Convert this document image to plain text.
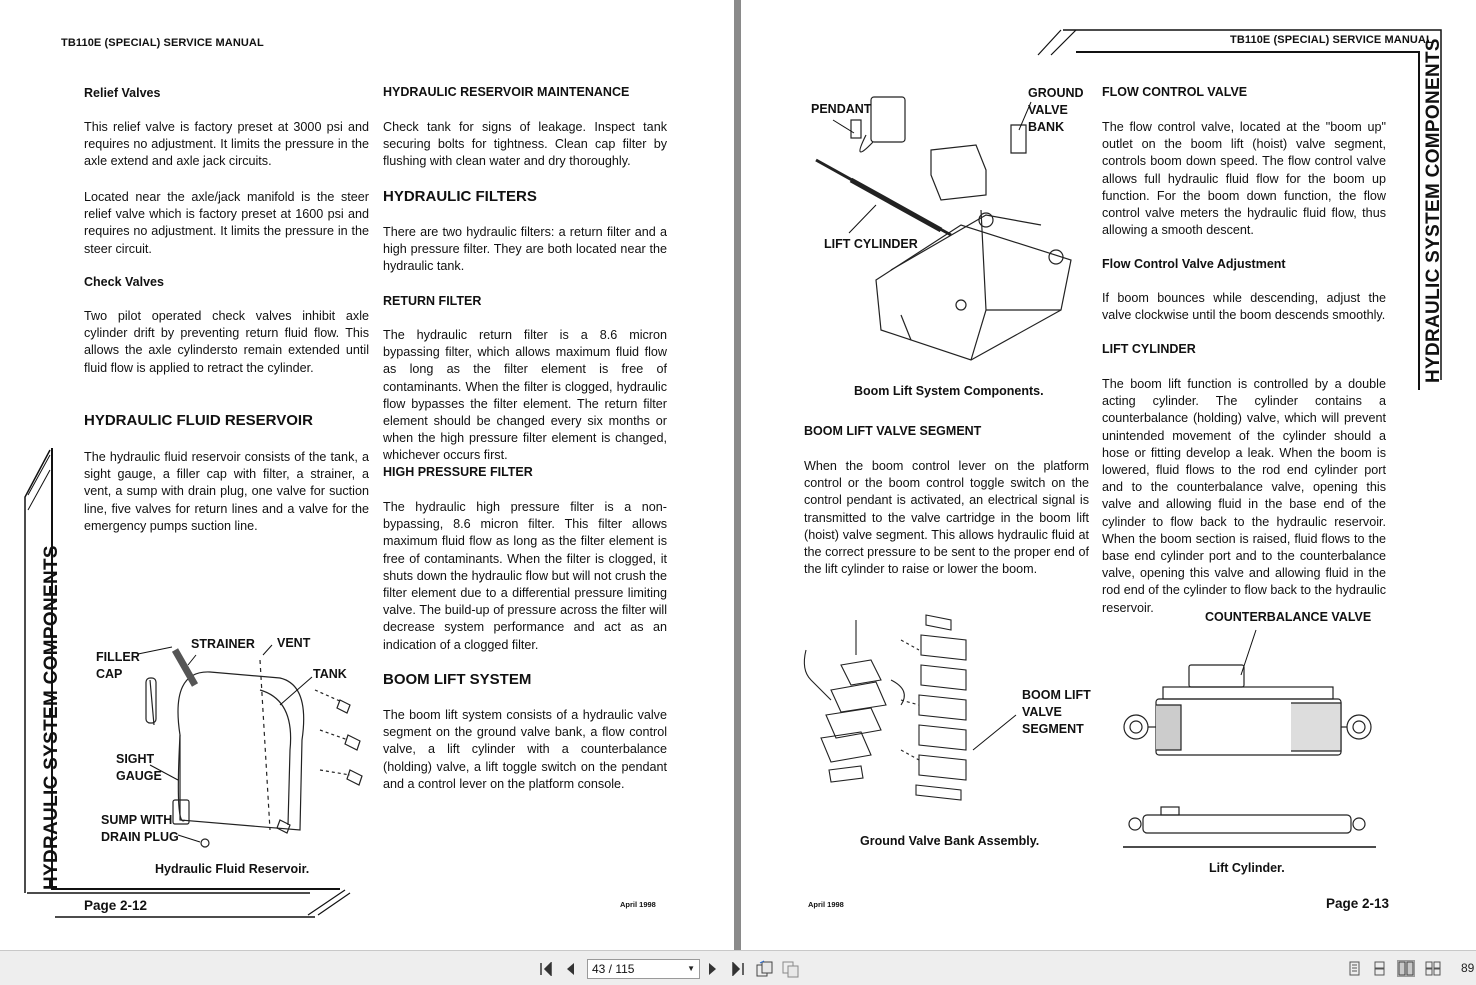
TB110E (SPECIAL) SERVICE MANUAL
HYDRAULIC SYSTEM COMPONENTS
Relief Valves
This relief valve is factory preset at 3000 psi and requires no adjustment. It limits the pressure in the axle extend and axle jack circuits.
Located near the axle/jack manifold is the steer relief valve which is factory preset at 1600 psi and requires no adjustment. It limits the pressure in the steer circuit.
Check Valves
Two pilot operated check valves inhibit axle cylinder drift by preventing return fluid flow. This allows the axle cylindersto remain extended until fluid flow is applied to retract the cylinder.
HYDRAULIC FLUID RESERVOIR
The hydraulic fluid reservoir consists of the tank, a sight gauge, a filler cap with filter, a strainer, a vent, a sump with drain plug, one valve for suction line, five valves for return lines and a valve for the emergency pumps suction line.
HYDRAULIC RESERVOIR MAINTENANCE
Check tank for signs of leakage. Inspect tank securing bolts for tightness. Clean cap filter by flushing with clean water and dry thoroughly.
HYDRAULIC FILTERS
There are two hydraulic filters: a return filter and a high pressure filter. They are both located near the hydraulic tank.
RETURN FILTER
The hydraulic return filter is a 8.6 micron bypassing filter, which allows maximum fluid flow as long as the filter element is free of contaminants. When the filter is clogged, hydraulic flow bypasses the filter element. The return filter element should be changed every six months or when the high pressure filter element is changed, whichever occurs first.
HIGH PRESSURE FILTER
The hydraulic high pressure filter is a non-bypassing, 8.6 micron filter. This filter allows maximum fluid flow as long as the filter element is free of contaminants. When the filter is clogged, it shuts down the hydraulic flow but will not crush the filter element due to a differential pressure limiting valve. The build-up of pressure across the filter will decrease system performance and act as an indication of a clogged filter.
BOOM LIFT SYSTEM
The boom lift system consists of a hydraulic valve segment on the ground valve bank, a flow control valve, a lift cylinder with a counterbalance (holding) valve, a lift toggle switch on the pendant and a control lever on the platform console.
FILLER CAP
STRAINER VENT
TANK
SIGHT GAUGE
SUMP WITH DRAIN PLUG
Hydraulic Fluid Reservoir.
Page 2-12	April 1998
TB110E (SPECIAL) SERVICE MANUAL
HYDRAULIC SYSTEM COMPONENTS
PENDANT
GROUND VALVE BANK
LIFT CYLINDER
Boom Lift System Components.
BOOM LIFT VALVE SEGMENT
When the boom control lever on the platform control or the boom control toggle switch on the control pendant is activated, an electrical signal is transmitted to the valve cartridge in the boom lift (hoist) valve segment. This allows hydraulic fluid at the correct pressure to be sent to the proper end of the lift cylinder to raise or lower the boom.
BOOM LIFT VALVE SEGMENT
Ground Valve Bank Assembly.
FLOW CONTROL VALVE
The flow control valve, located at the "boom up" outlet on the boom lift (hoist) valve segment, controls boom down speed. The flow control valve allows full hydraulic fluid flow for the boom up function. For the boom down function, the flow control valve meters the hydraulic fluid flow, thus allowing a smooth descent.
Flow Control Valve Adjustment
If boom bounces while descending, adjust the valve clockwise until the boom descends smoothly.
LIFT CYLINDER
The boom lift function is controlled by a double acting cylinder. The cylinder contains a counterbalance (holding) valve, which will prevent unintended movement of the cylinder should a hose or fitting develop a leak. When the boom is lowered, fluid flows to the rod end cylinder port and to the counterbalance valve, opening this valve and allowing fluid in the base end of the cylinder to flow back to the hydraulic reservoir. When the boom section is raised, fluid flows to the base end cylinder port and to the counterbalance valve, opening this valve and allowing fluid in the rod end of the cylinder to flow back to the hydraulic reservoir.
COUNTERBALANCE VALVE
Lift Cylinder.
April 1998	Page 2-13
43 / 115	▼	89
